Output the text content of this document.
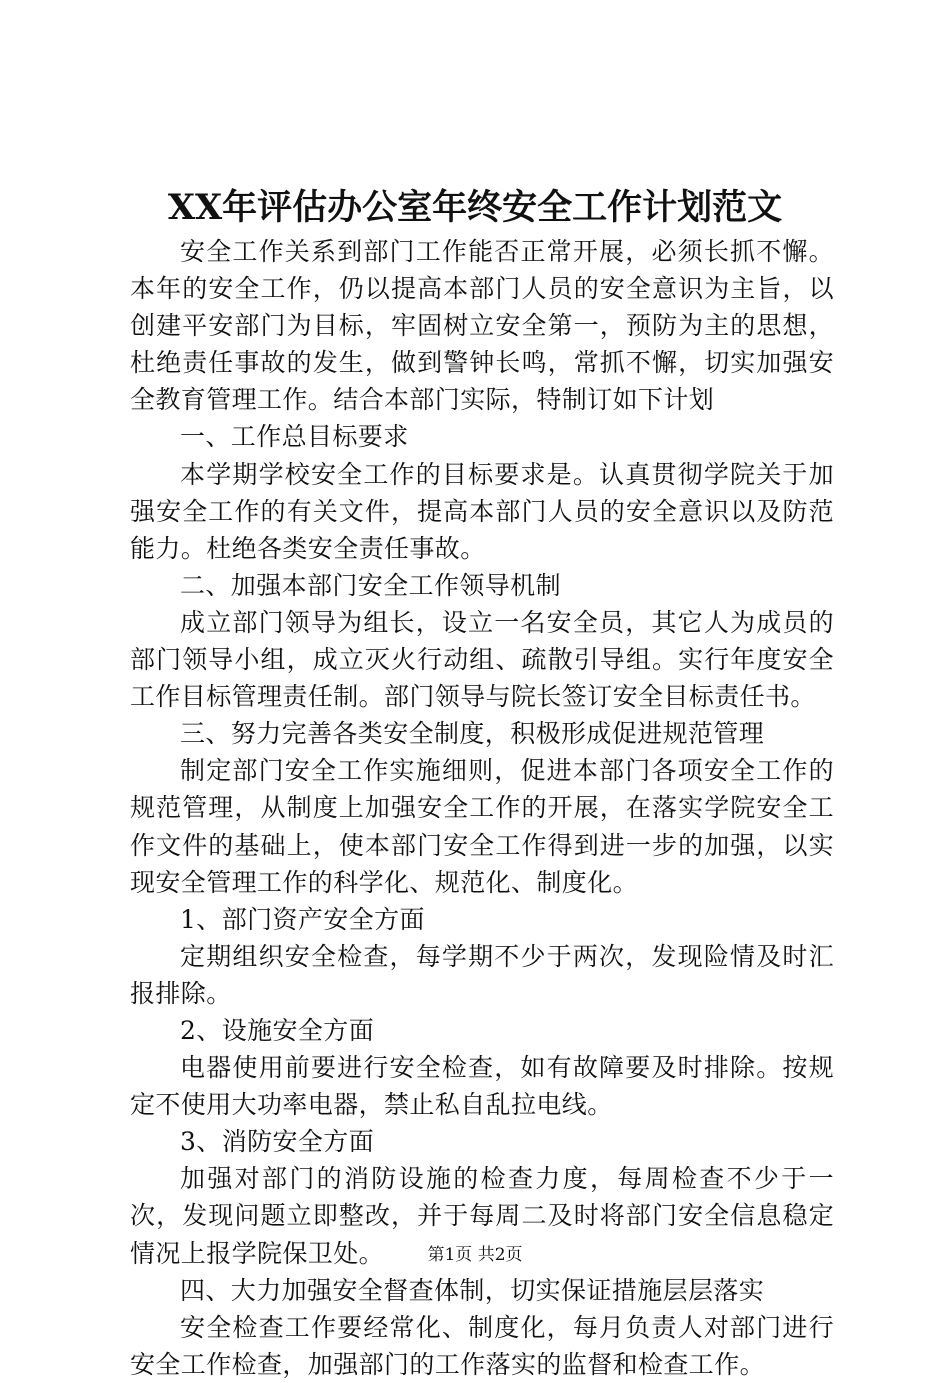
XX年评估办公室年终安全工作计划范文

安全工作关系到部门工作能否正常开展，必须长抓不懈。本年的安全工作，仍以提高本部门人员的安全意识为主旨，以创建平安部门为目标，牢固树立安全第一，预防为主的思想，杜绝责任事故的发生，做到警钟长鸣，常抓不懈，切实加强安全教育管理工作。结合本部门实际，特制订如下计划

一、工作总目标要求

本学期学校安全工作的目标要求是。认真贯彻学院关于加强安全工作的有关文件，提高本部门人员的安全意识以及防范能力。杜绝各类安全责任事故。

二、加强本部门安全工作领导机制

成立部门领导为组长，设立一名安全员，其它人为成员的部门领导小组，成立灭火行动组、疏散引导组。实行年度安全工作目标管理责任制。部门领导与院长签订安全目标责任书。

三、努力完善各类安全制度，积极形成促进规范管理

制定部门安全工作实施细则，促进本部门各项安全工作的规范管理，从制度上加强安全工作的开展，在落实学院安全工作文件的基础上，使本部门安全工作得到进一步的加强，以实现安全管理工作的科学化、规范化、制度化。

1、部门资产安全方面

定期组织安全检查，每学期不少于两次，发现险情及时汇报排除。

2、设施安全方面

电器使用前要进行安全检查，如有故障要及时排除。按规定不使用大功率电器，禁止私自乱拉电线。

3、消防安全方面

加强对部门的消防设施的检查力度，每周检查不少于一次，发现问题立即整改，并于每周二及时将部门安全信息稳定情况上报学院保卫处。

四、大力加强安全督查体制，切实保证措施层层落实

安全检查工作要经常化、制度化，每月负责人对部门进行安全工作检查，加强部门的工作落实的监督和检查工作。

第1页 共2页
